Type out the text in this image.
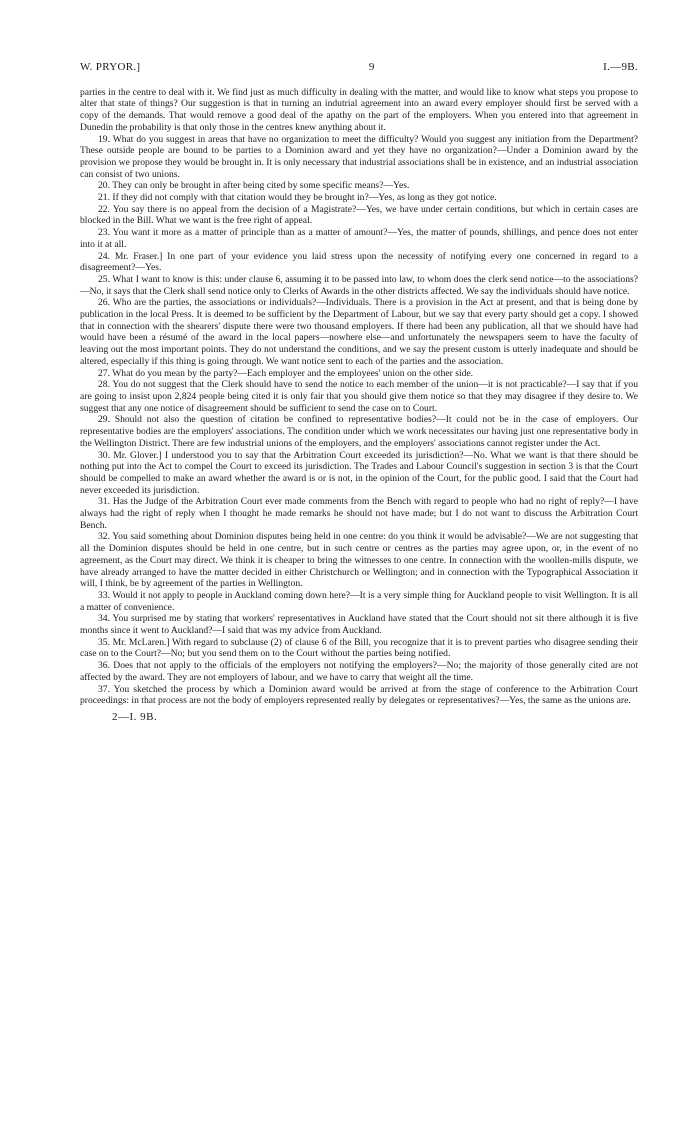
W. PRYOR.]	9	I.—9B.

parties in the centre to deal with it. We find just as much difficulty in dealing with the matter, and would like to know what steps you propose to alter that state of things? Our suggestion is that in turning an indutrial agreement into an award every employer should first be served with a copy of the demands. That would remove a good deal of the apathy on the part of the employers. When you entered into that agreement in Dunedin the probability is that only those in the centres knew anything about it.

19. What do you suggest in areas that have no organization to meet the difficulty? Would you suggest any initiation from the Department? These outside people are bound to be parties to a Dominion award and yet they have no organization?—Under a Dominion award by the provision we propose they would be brought in. It is only necessary that industrial associations shall be in existence, and an industrial association can consist of two unions.

20. They can only be brought in after being cited by some specific means?—Yes.

21. If they did not comply with that citation would they be brought in?—Yes, as long as they got notice.

22. You say there is no appeal from the decision of a Magistrate?—Yes, we have under certain conditions, but which in certain cases are blocked in the Bill. What we want is the free right of appeal.

23. You want it more as a matter of principle than as a matter of amount?—Yes, the matter of pounds, shillings, and pence does not enter into it at all.

24. Mr. Fraser.] In one part of your evidence you laid stress upon the necessity of notifying every one concerned in regard to a disagreement?—Yes.

25. What I want to know is this: under clause 6, assuming it to be passed into law, to whom does the clerk send notice—to the associations?—No, it says that the Clerk shall send notice only to Clerks of Awards in the other districts affected. We say the individuals should have notice.

26. Who are the parties, the associations or individuals?—Individuals. There is a provision in the Act at present, and that is being done by publication in the local Press. It is deemed to be sufficient by the Department of Labour, but we say that every party should get a copy. I showed that in connection with the shearers' dispute there were two thousand employers. If there had been any publication, all that we should have had would have been a résumé of the award in the local papers—nowhere else—and unfortunately the newspapers seem to have the faculty of leaving out the most important points. They do not understand the conditions, and we say the present custom is utterly inadequate and should be altered, especially if this thing is going through. We want notice sent to each of the parties and the association.

27. What do you mean by the party?—Each employer and the employees' union on the other side.

28. You do not suggest that the Clerk should have to send the notice to each member of the union—it is not practicable?—I say that if you are going to insist upon 2,824 people being cited it is only fair that you should give them notice so that they may disagree if they desire to. We suggest that any one notice of disagreement should be sufficient to send the case on to Court.

29. Should not also the question of citation be confined to representative bodies?—It could not be in the case of employers. Our representative bodies are the employers' associations. The condition under which we work necessitates our having just one representative body in the Wellington District. There are few industrial unions of the employers, and the employers' associations cannot register under the Act.

30. Mr. Glover.] I understood you to say that the Arbitration Court exceeded its jurisdiction?—No. What we want is that there should be nothing put into the Act to compel the Court to exceed its jurisdiction. The Trades and Labour Council's suggestion in section 3 is that the Court should be compelled to make an award whether the award is or is not, in the opinion of the Court, for the public good. I said that the Court had never exceeded its jurisdiction.

31. Has the Judge of the Arbitration Court ever made comments from the Bench with regard to people who had no right of reply?—I have always had the right of reply when I thought he made remarks he should not have made; but I do not want to discuss the Arbitration Court Bench.

32. You said something about Dominion disputes being held in one centre: do you think it would be advisable?—We are not suggesting that all the Dominion disputes should be held in one centre, but in such centre or centres as the parties may agree upon, or, in the event of no agreement, as the Court may direct. We think it is cheaper to bring the witnesses to one centre. In connection with the woollen-mills dispute, we have already arranged to have the matter decided in either Christchurch or Wellington; and in connection with the Typographical Association it will, I think, be by agreement of the parties in Wellington.

33. Would it not apply to people in Auckland coming down here?—It is a very simple thing for Auckland people to visit Wellington. It is all a matter of convenience.

34. You surprised me by stating that workers' representatives in Auckland have stated that the Court should not sit there although it is five months since it went to Auckland?—I said that was my advice from Auckland.

35. Mr. McLaren.] With regard to subclause (2) of clause 6 of the Bill, you recognize that it is to prevent parties who disagree sending their case on to the Court?—No; but you send them on to the Court without the parties being notified.

36. Does that not apply to the officials of the employers not notifying the employers?—No; the majority of those generally cited are not affected by the award. They are not employers of labour, and we have to carry that weight all the time.

37. You sketched the process by which a Dominion award would be arrived at from the stage of conference to the Arbitration Court proceedings: in that process are not the body of employers represented really by delegates or representatives?—Yes, the same as the unions are.

2—I. 9B.
